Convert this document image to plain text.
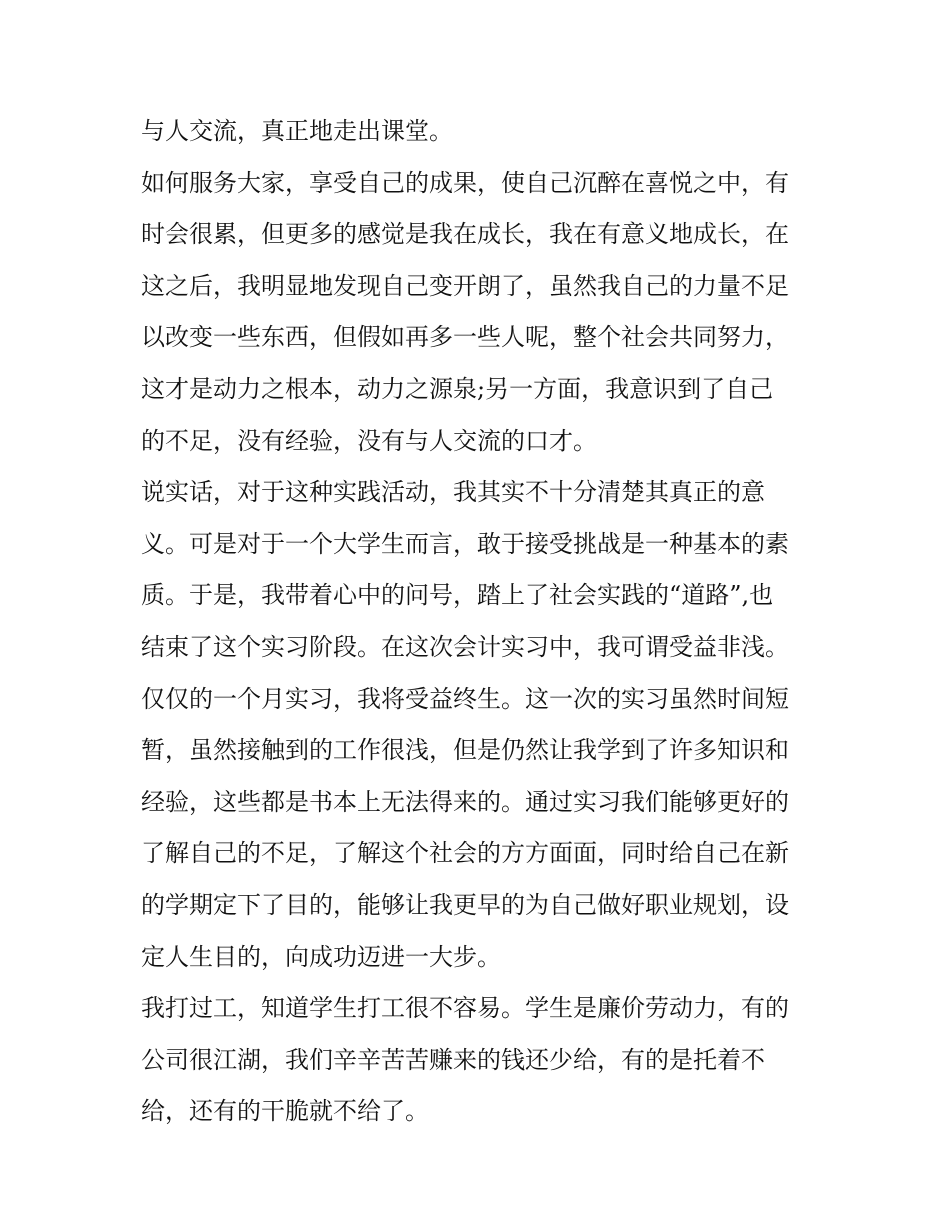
与人交流，真正地走出课堂。
如何服务大家，享受自己的成果，使自己沉醉在喜悦之中，有
时会很累，但更多的感觉是我在成长，我在有意义地成长，在
这之后，我明显地发现自己变开朗了，虽然我自己的力量不足
以改变一些东西，但假如再多一些人呢，整个社会共同努力，
这才是动力之根本，动力之源泉;另一方面，我意识到了自己
的不足，没有经验，没有与人交流的口才。
说实话，对于这种实践活动，我其实不十分清楚其真正的意
义。可是对于一个大学生而言，敢于接受挑战是一种基本的素
质。于是，我带着心中的问号，踏上了社会实践的“道路”,也
结束了这个实习阶段。在这次会计实习中，我可谓受益非浅。
仅仅的一个月实习，我将受益终生。这一次的实习虽然时间短
暂，虽然接触到的工作很浅，但是仍然让我学到了许多知识和
经验，这些都是书本上无法得来的。通过实习我们能够更好的
了解自己的不足，了解这个社会的方方面面，同时给自己在新
的学期定下了目的，能够让我更早的为自己做好职业规划，设
定人生目的，向成功迈进一大步。
我打过工，知道学生打工很不容易。学生是廉价劳动力，有的
公司很江湖，我们辛辛苦苦赚来的钱还少给，有的是托着不
给，还有的干脆就不给了。
